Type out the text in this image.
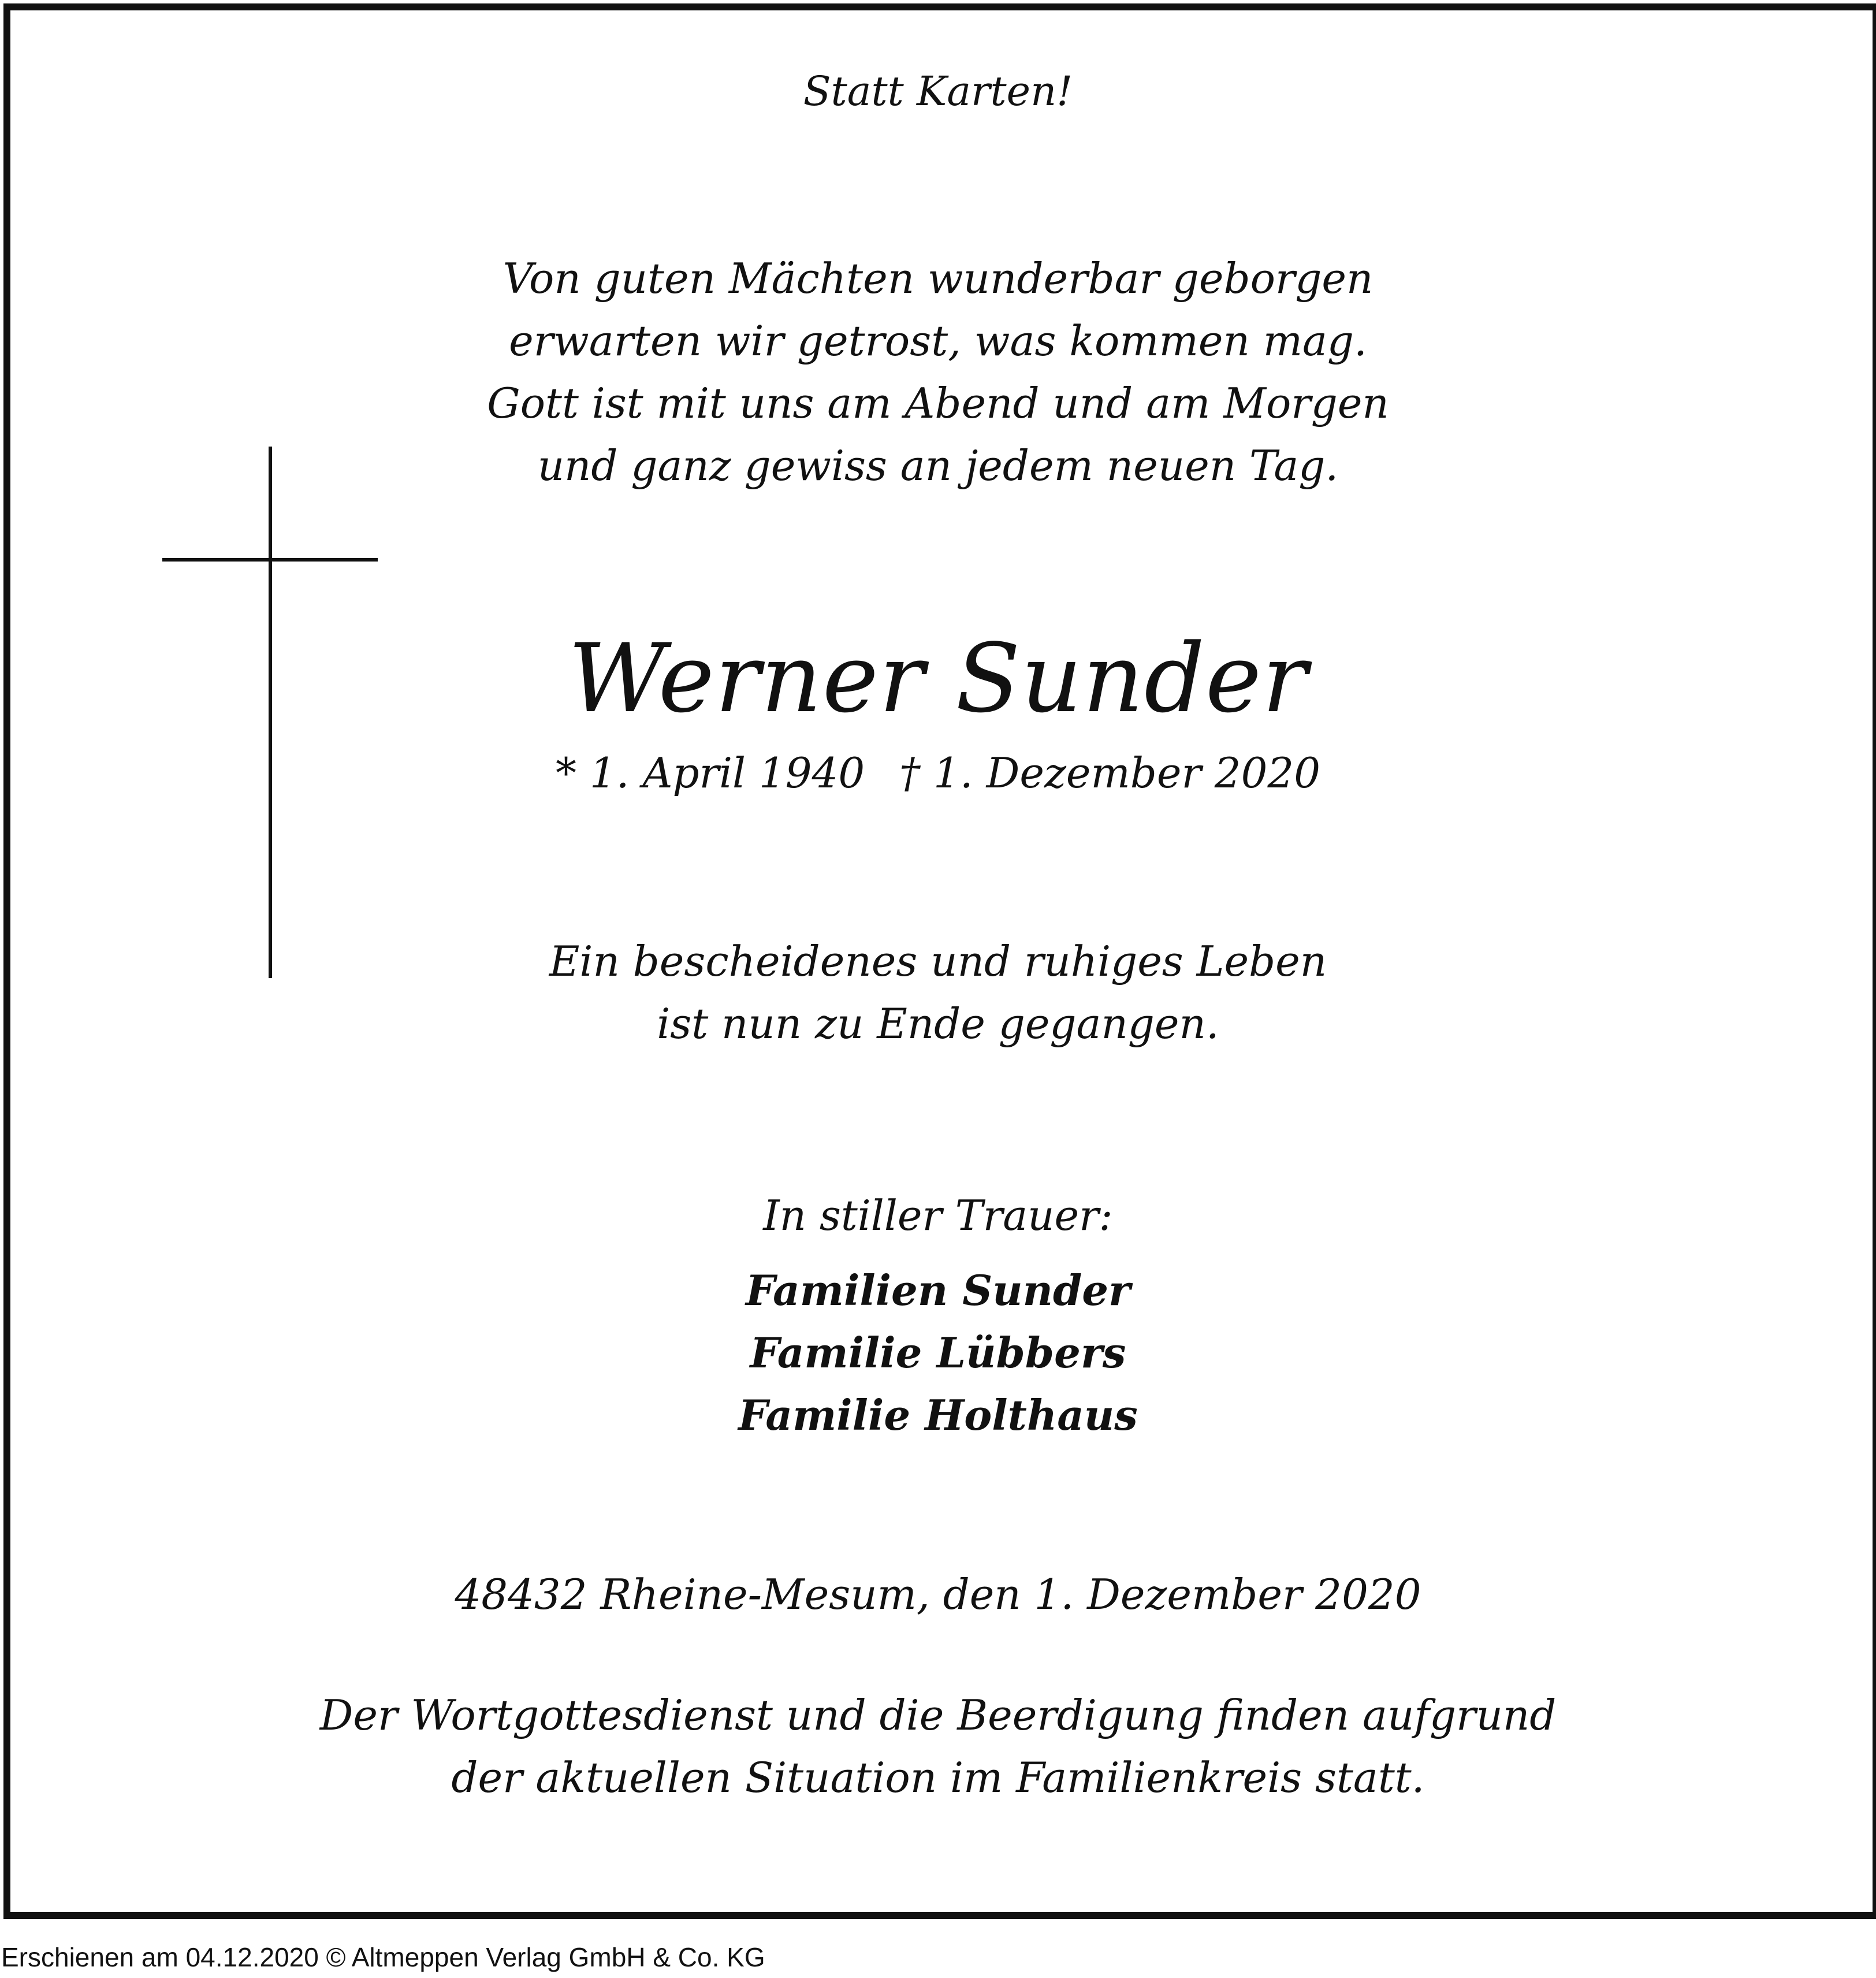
Statt Karten!
Von guten Mächten wunderbar geborgen
erwarten wir getrost, was kommen mag.
Gott ist mit uns am Abend und am Morgen
und ganz gewiss an jedem neuen Tag.
Werner Sunder
* 1. April 1940 † 1. Dezember 2020
Ein bescheidenes und ruhiges Leben
ist nun zu Ende gegangen.
In stiller Trauer:
Familien Sunder
Familie Lübbers
Familie Holthaus
48432 Rheine-Mesum, den 1. Dezember 2020
Der Wortgottesdienst und die Beerdigung finden aufgrund
der aktuellen Situation im Familienkreis statt.
Erschienen am 04.12.2020 © Altmeppen Verlag GmbH & Co. KG
